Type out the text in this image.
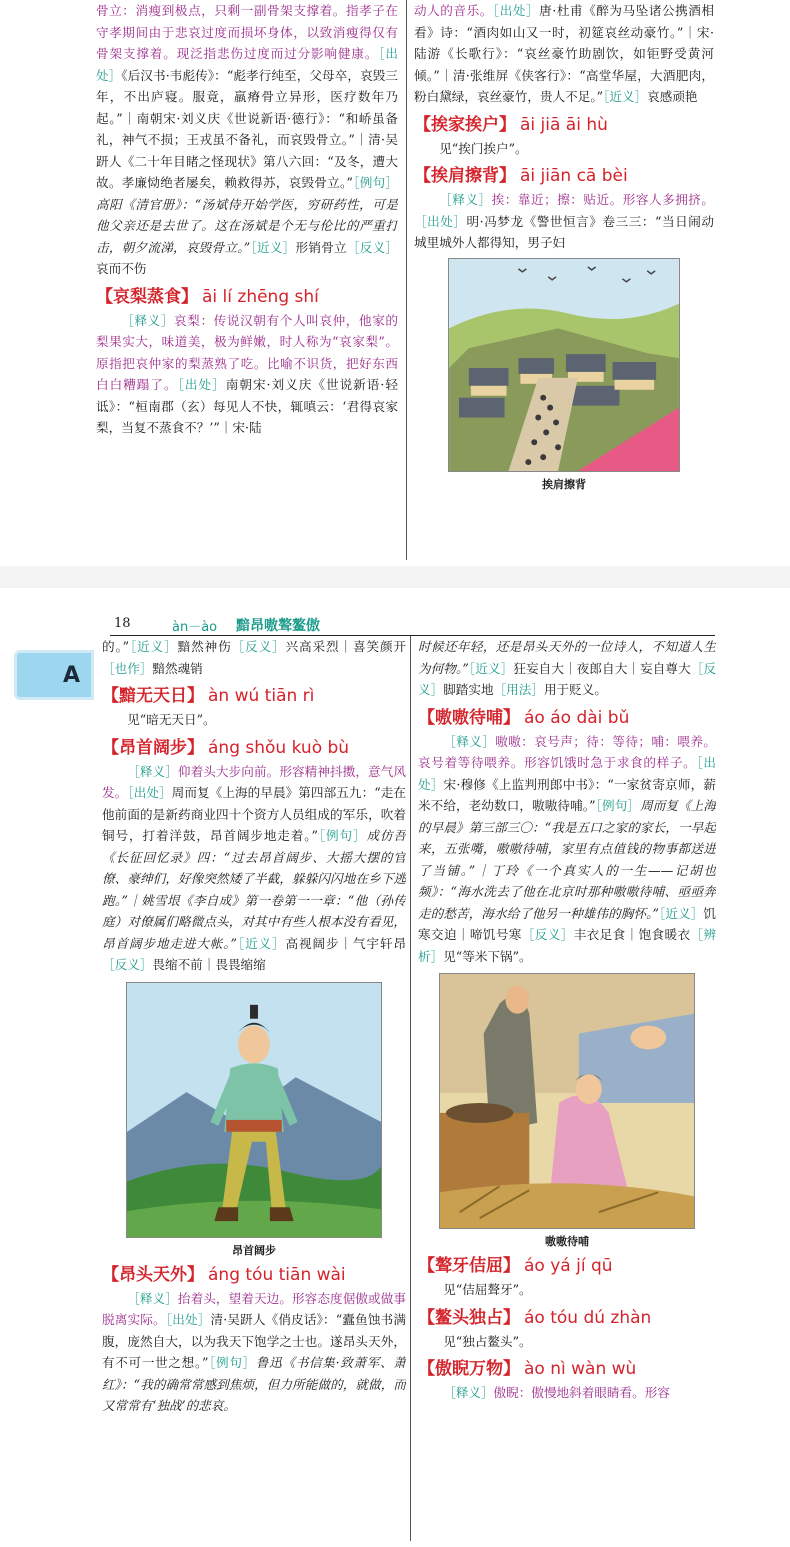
骨立：消瘦到极点，只剩一副骨架支撑着。指孝子在守孝期间由于悲哀过度而损坏身体，以致消瘦得仅有骨架支撑着。现泛指悲伤过度而过分影响健康。［出处］《后汉书·韦彪传》：“彪孝行纯至，父母卒，哀毁三年，不出庐寝。服竟，羸瘠骨立异形，医疗数年乃起。”｜南朝宋·刘义庆《世说新语·德行》：“和峤虽备礼，神气不损；王戎虽不备礼，而哀毁骨立。”｜清·吴趼人《二十年目睹之怪现状》第八六回：“及冬，遭大故。孝廉恸绝者屡矣，赖救得苏，哀毁骨立。”［例句］高阳《清官册》：“汤斌侍开始学医，穷研药性，可是他父亲还是去世了。这在汤斌是个无与伦比的严重打击，朝夕流涕，哀毁骨立。”［近义］形销骨立［反义］哀而不伤

【哀梨蒸食】 āi lí zhēng shí

［释义］哀梨：传说汉朝有个人叫哀仲，他家的梨果实大，味道美，极为鲜嫩，时人称为“哀家梨”。原指把哀仲家的梨蒸熟了吃。比喻不识货，把好东西白白糟蹋了。［出处］南朝宋·刘义庆《世说新语·轻诋》：“桓南郡（玄）每见人不快，辄嗔云：‘君得哀家梨，当复不蒸食不？’”｜宋·陆

动人的音乐。［出处］唐·杜甫《醉为马坠诸公携酒相看》诗：“酒肉如山又一时，初筵哀丝动豪竹。”｜宋·陆游《长歌行》：“哀丝豪竹助剧饮，如钜野受黄河倾。”｜清·张维屏《侠客行》：“高堂华屋，大酒肥肉，粉白黛绿，哀丝豪竹，贵人不足。”［近义］哀感顽艳

【挨家挨户】 āi jiā āi hù

见“挨门挨户”。

【挨肩擦背】 āi jiān cā bèi

［释义］挨：靠近；擦：贴近。形容人多拥挤。［出处］明·冯梦龙《警世恒言》卷三三：“当日闹动城里城外人都得知，男子妇

挨肩擦背
18	àn－ào 黯昂嗷聱鳌傲
A

的。”［近义］黯然神伤［反义］兴高采烈｜喜笑颜开［也作］黯然魂销

【黯无天日】 àn wú tiān rì

见“暗无天日”。

【昂首阔步】 áng shǒu kuò bù

［释义］仰着头大步向前。形容精神抖擞，意气风发。［出处］周而复《上海的早晨》第四部五九：“走在他前面的是新药商业四十个资方人员组成的军乐，吹着铜号，打着洋鼓，昂首阔步地走着。”［例句］成仿吾《长征回忆录》四：“过去昂首阔步、大摇大摆的官僚、豪绅们，好像突然矮了半截，躲躲闪闪地在乡下逃跑。”｜姚雪垠《李自成》第一卷第一一章：“他（孙传庭）对僚属们略微点头，对其中有些人根本没有看见，昂首阔步地走进大帐。”［近义］高视阔步｜气宇轩昂［反义］畏缩不前｜畏畏缩缩

昂首阔步
【昂头天外】 áng tóu tiān wài

［释义］抬着头，望着天边。形容态度倨傲或做事脱离实际。［出处］清·吴趼人《俏皮话》：“蠹鱼蚀书满腹，庞然自大，以为我天下饱学之士也。遂昂头天外，有不可一世之想。”［例句］鲁迅《书信集·致萧军、萧红》：“我的确常常感到焦烦，但力所能做的，就做，而又常常有‘独战’的悲哀。

时候还年轻，还是昂头天外的一位诗人，不知道人生为何物。”［近义］狂妄自大｜夜郎自大｜妄自尊大［反义］脚踏实地［用法］用于贬义。

【嗷嗷待哺】 áo áo dài bǔ

［释义］嗷嗷：哀号声；待：等待；哺：喂养。哀号着等待喂养。形容饥饿时急于求食的样子。［出处］宋·穆修《上监判刑郎中书》：“一家贫寄京师，薪米不给，老幼数口，嗷嗷待哺。”［例句］周而复《上海的早晨》第三部三〇：“我是五口之家的家长，一早起来，五张嘴，嗷嗷待哺，家里有点值钱的物事都送进了当铺。”｜丁玲《一个真实人的一生——记胡也频》：“海水洗去了他在北京时那种嗷嗷待哺、亟亟奔走的愁苦，海水给了他另一种雄伟的胸怀。”［近义］饥寒交迫｜啼饥号寒［反义］丰衣足食｜饱食暖衣［辨析］见“等米下锅”。

嗷嗷待哺
【聱牙佶屈】 áo yá jí qū

见“佶屈聱牙”。

【鳌头独占】 áo tóu dú zhàn

见“独占鳌头”。

【傲睨万物】 ào nì wàn wù

［释义］傲睨：傲慢地斜着眼睛看。形容
